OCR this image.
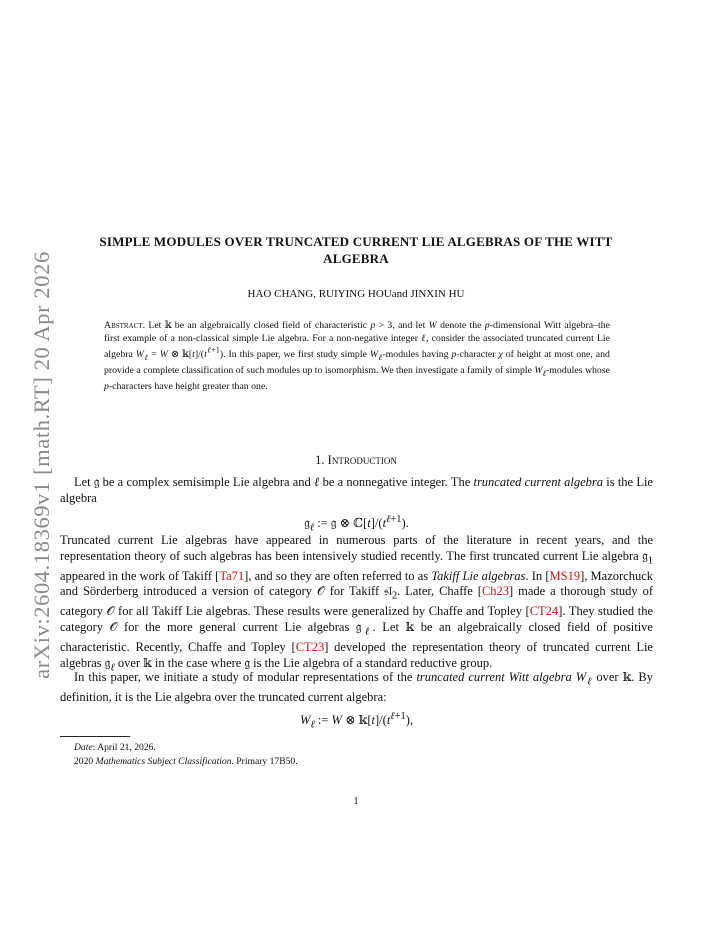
arXiv:2604.18369v1 [math.RT] 20 Apr 2026
SIMPLE MODULES OVER TRUNCATED CURRENT LIE ALGEBRAS OF THE WITT
ALGEBRA
HAO CHANG, RUIYING HOUand JINXIN HU
Abstract. Let 𝕜 be an algebraically closed field of characteristic p > 3, and let W denote the p-dimensional Witt algebra–the first example of a non-classical simple Lie algebra. For a non-negative integer ℓ, consider the associated truncated current Lie algebra $W_\ell = W$ ⊗ $𝕜[t]/(t^{\ell+1})$. In this paper, we first study simple $W_\ell$-modules having p-character χ of height at most one, and provide a complete classification of such modules up to isomorphism. We then investigate a family of simple $W_\ell$-modules whose p-characters have height greater than one.
1. Introduction
Let 𝔤 be a complex semisimple Lie algebra and ℓ be a nonnegative integer. The truncated current algebra is the Lie algebra
𝔤$_\ell$ := 𝔤 ⊗ $ℂ[t]/(t^{\ell+1})$.
Truncated current Lie algebras have appeared in numerous parts of the literature in recent years, and the representation theory of such algebras has been intensively studied recently. The first truncated current Lie algebra 𝔤$_1$ appeared in the work of Takiff [Ta71], and so they are often referred to as Takiff Lie algebras. In [MS19], Mazorchuck and Sörderberg introduced a version of category 𝒪 for Takiff 𝔰𝔩$_2$. Later, Chaffe [Ch23] made a thorough study of category 𝒪 for all Takiff Lie algebras. These results were generalized by Chaffe and Topley [CT24]. They studied the category 𝒪 for the more general current Lie algebras 𝔤$_\ell$. Let 𝕜 be an algebraically closed field of positive characteristic. Recently, Chaffe and Topley [CT23] developed the representation theory of truncated current Lie algebras 𝔤$_\ell$ over 𝕜 in the case where 𝔤 is the Lie algebra of a standard reductive group.
In this paper, we initiate a study of modular representations of the truncated current Witt algebra $W_\ell$ over 𝕜. By definition, it is the Lie algebra over the truncated current algebra:
$W_\ell$ := W ⊗ $𝕜[t]/(t^{\ell+1})$,
Date: April 21, 2026.
2020 Mathematics Subject Classification. Primary 17B50.
1
